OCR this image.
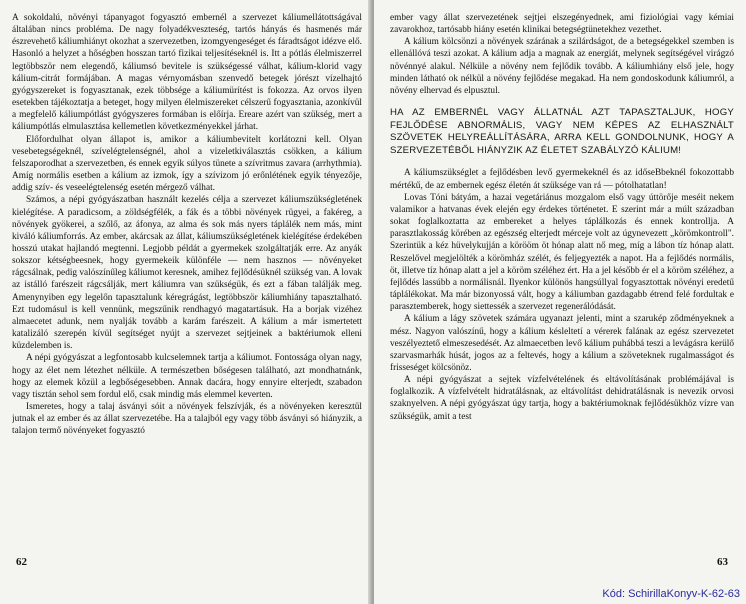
A sokoldalú, növényi tápanyagot fogyasztó embernél a szervezet káliumellátottságával általában nincs probléma. De nagy folyadékveszteség, tartós hányás és hasmenés már észrevehető káliumhiányt okozhat a szervezetben, izomgyengeséget és fáradtságot idézve elő. Hasonló a helyzet a hőségben hosszan tartó fizikai teljesítéseknél is. Itt a pótlás élelmiszerrel legtöbbször nem elegendő, káliumsó bevitele is szükségessé válhat, kálium-klorid vagy kálium-citrát formájában. A magas vérnyomásban szenvedő betegek jórészt vízelhajtó gyógyszereket is fogyasztanak, ezek többsége a káliumürítést is fokozza. Az orvos ilyen esetekben tájékoztatja a beteget, hogy milyen élelmiszereket célszerű fogyasztania, azonkívül a megfelelő káliumpótlást gyógyszeres formában is előírja. Ereare azért van szükség, mert a káliumpótlás elmulasztása kellemetlen következményekkel járhat.

Előfordulhat olyan állapot is, amikor a káliumbevitelt korlátozni kell. Olyan vesebetegségeknél, szívelégtelenségnél, ahol a vizeletkiválasztás csökken, a kálium felszaporodhat a szervezetben, és ennek egyik súlyos tünete a szívritmus zavara (arrhythmia). Amíg normális esetben a kálium az izmok, így a szívizom jó erőnlétének egyik tényezője, addig szív- és veseelégtelenség esetén mérgező válhat.

Számos, a népi gyógyászatban használt kezelés célja a szervezet káliumszükségletének kielégítése. A paradicsom, a zöldségfélék, a fák és a többi növények rügyei, a fakéreg, a növények gyökerei, a szőlő, az áfonya, az alma és sok más nyers táplálék nem más, mint kiváló káliumforrás. Az ember, akárcsak az állat, káliumszükségletének kielégítése érdekében hosszú utakat hajlandó megtenni. Legjobb példát a gyermekek szolgáltatják erre. Az anyák sokszor kétségbeesnek, hogy gyermekeik különféle — nem hasznos — növényeket rágcsálnak, pedig valószínűleg káliumot keresnek, amihez fejlődésüknél szükség van. A lovak az istálló farészeit rágcsálják, mert káliumra van szükségük, és ezt a fában találják meg. Amenynyiben egy legelőn tapasztalunk kéregrágást, legtöbbször káliumhiány tapasztalható. Ezt tudomásul is kell vennünk, megszűnik rendhagyó magatartásuk. Ha a borjak vizéhez almaecetet adunk, nem nyalják tovább a karám farészeit. A kálium a már ismertetett katalizáló szerepén kívül segítséget nyújt a szervezet sejtjeinek a baktériumok elleni küzdelemben is.

A népi gyógyászat a legfontosabb kulcselemnek tartja a káliumot. Fontossága olyan nagy, hogy az élet nem létezhet nélküle. A természetben bőségesen található, azt mondhatnánk, hogy az elemek közül a legbőségesebben. Annak dacára, hogy ennyire elterjedt, szabadon vagy tisztán sehol sem fordul elő, csak mindig más elemmel keverten.

Ismeretes, hogy a talaj ásványi sóit a növények felszívják, és a növényeken keresztül jutnak el az ember és az állat szervezetébe. Ha a talajból egy vagy több ásványi só hiányzik, a talajon termő növényeket fogyasztó

62

ember vagy állat szervezetének sejtjei elszegényednek, ami fiziológiai vagy kémiai zavarokhoz, tartósabb hiány esetén klinikai betegségtünetekhez vezethet.

A kálium kölcsönzi a növények szárának a szilárdságot, de a betegségekkel szemben is ellenállóvá teszi azokat. A kálium adja a magnak az energiát, melynek segítségével virágzó növénnyé alakul. Nélküle a növény nem fejlődik tovább. A káliumhiány első jele, hogy minden látható ok nélkül a növény fejlődése megakad. Ha nem gondoskodunk káliumról, a növény elhervad és elpusztul.

HA AZ EMBERNÉL VAGY ÁLLATNÁL AZT TAPASZTALJUK, HOGY FEJLŐDÉSE ABNORMÁLIS, VAGY NEM KÉPES AZ ELHASZNÁLT SZÖVETEK HELYREÁLLÍTÁSÁRA, ARRA KELL GONDOLNUNK, HOGY A SZERVEZETÉBŐL HIÁNYZIK AZ ÉLETET SZABÁLYZÓ KÁLIUM!

A káliumszükséglet a fejlődésben levő gyermekeknél és az időseBbeknél fokozottabb mértékű, de az embernek egész életén át szüksége van rá — pótolhatatlan!

Lovas Tóni bátyám, a hazai vegetáriánus mozgalom első vagy úttörője meséit nekem valamikor a hatvanas évek elején egy érdekes történetet. E szerint már a múlt században sokat foglalkoztatta az embereket a helyes táplálkozás és ennek kontrollja. A parasztlakosság körében az egészség elterjedt mérceje volt az úgynevezett „körömkontroll". Szerintük a kéz hüvelykujján a körööm öt hónap alatt nő meg, míg a lábon tíz hónap alatt. Reszelővel megjelölték a körömház szélét, és feljegyezték a napot. Ha a fejlődés normális, öt, illetve tíz hónap alatt a jel a köröm széléhez ért. Ha a jel később ér el a köröm széléhez, a fejlődés lassúbb a normálisnál. Ilyenkor különös hangsúllyal fogyasztottak növényi eredetű táplálékokat. Ma már bizonyossá vált, hogy a káliumban gazdagabb étrend felé fordultak e parasztemberek, hogy siettessék a szervezet regenerálódását.

A kálium a lágy szövetek számára ugyanazt jelenti, mint a szarukép ződményeknek a mész. Nagyon valószínű, hogy a kálium késleltetí a vérerek falának az egész szervezetet veszélyeztető elmeszesedését. Az almaecetben levő kálium puhábbá teszi a levágásra kerülő szarvasmarhák húsát, jogos az a feltevés, hogy a kálium a szöveteknek rugalmasságot és frisseséget kölcsönöz.

A népi gyógyászat a sejtek vízfelvételének és eltávolításának problémájával is foglalkozik. A vízfelvételt hidratálásnak, az eltávolítást dehidratálásnak is nevezik orvosi szaknyelven. A népi gyógyászat úgy tartja, hogy a baktériumoknak fejlődésükhöz vízre van szükségük, amit a test

63
Kód: SchirillaKonyv-K-62-63
